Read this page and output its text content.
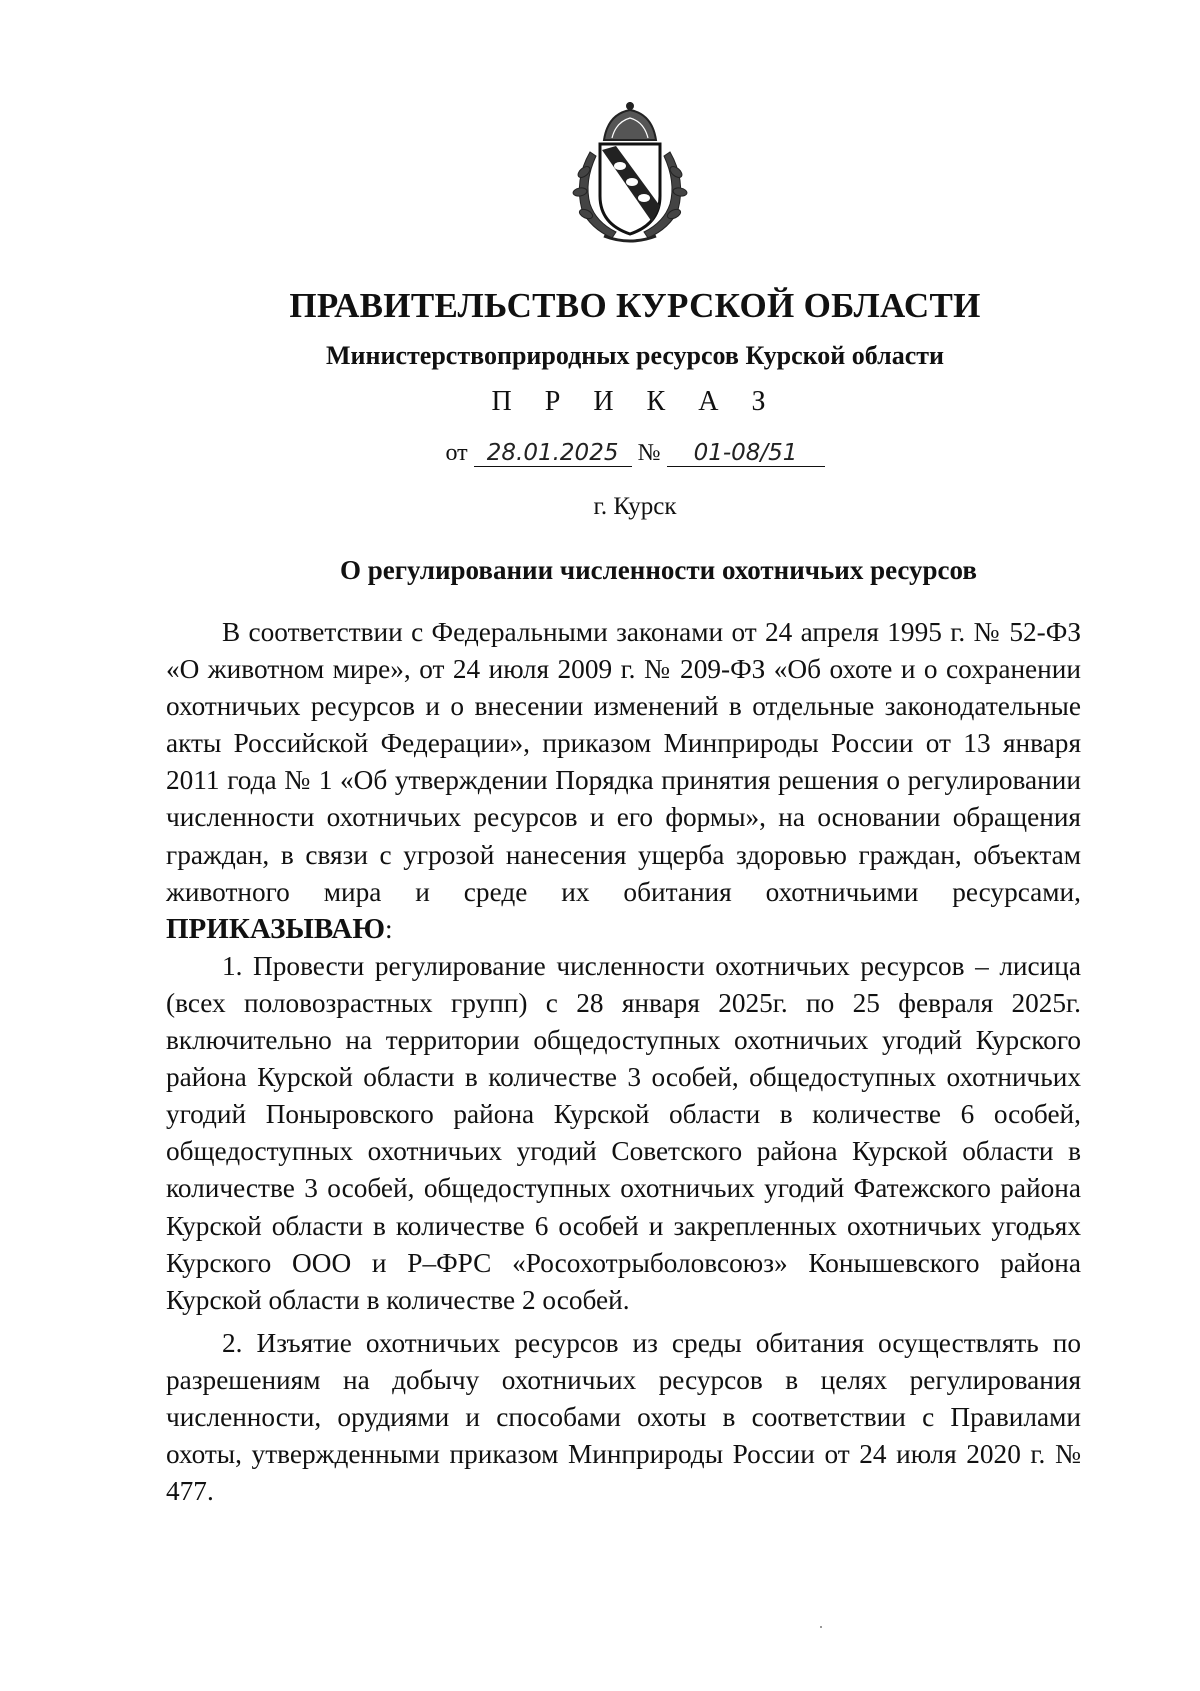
ПРАВИТЕЛЬСТВО КУРСКОЙ ОБЛАСТИ
Министерствоприродных ресурсов Курской области
П Р И К А З
от 28.01.2025 № 01-08/51
г. Курск
О регулировании численности охотничьих ресурсов

В соответствии с Федеральными законами от 24 апреля 1995 г. № 52-ФЗ «О животном мире», от 24 июля 2009 г. № 209-ФЗ «Об охоте и о сохранении охотничьих ресурсов и о внесении изменений в отдельные законодательные акты Российской Федерации», приказом Минприроды России от 13 января 2011 года № 1 «Об утверждении Порядка принятия решения о регулировании численности охотничьих ресурсов и его формы», на основании обращения граждан, в связи с угрозой нанесения ущерба здоровью граждан, объектам животного мира и среде их обитания охотничьими ресурсами, ПРИКАЗЫВАЮ:

1. Провести регулирование численности охотничьих ресурсов – лисица (всех половозрастных групп) с 28 января 2025г. по 25 февраля 2025г. включительно на территории общедоступных охотничьих угодий Курского района Курской области в количестве 3 особей, общедоступных охотничьих угодий Поныровского района Курской области в количестве 6 особей, общедоступных охотничьих угодий Советского района Курской области в количестве 3 особей, общедоступных охотничьих угодий Фатежского района Курской области в количестве 6 особей и закрепленных охотничьих угодьях Курского ООО и Р–ФРС «Росохотрыболовсоюз» Конышевского района Курской области в количестве 2 особей.

2. Изъятие охотничьих ресурсов из среды обитания осуществлять по разрешениям на добычу охотничьих ресурсов в целях регулирования численности, орудиями и способами охоты в соответствии с Правилами охоты, утвержденными приказом Минприроды России от 24 июля 2020 г. № 477.
